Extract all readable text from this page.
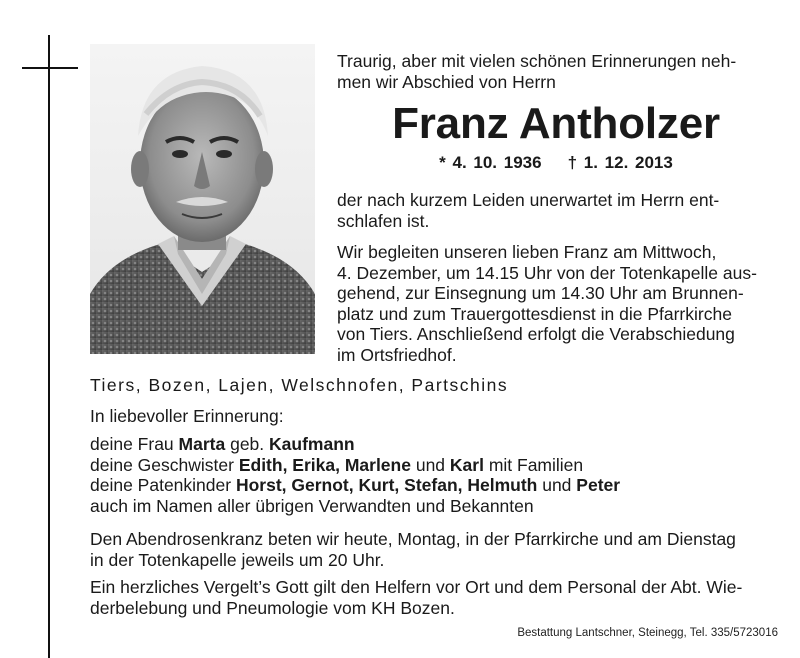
Traurig, aber mit vielen schönen Erinnerungen neh-
men wir Abschied von Herrn
Franz Antholzer
* 4. 10. 1936 † 1. 12. 2013
der nach kurzem Leiden unerwartet im Herrn ent-
schlafen ist.
Wir begleiten unseren lieben Franz am Mittwoch,
4. Dezember, um 14.15 Uhr von der Totenkapelle aus-
gehend, zur Einsegnung um 14.30 Uhr am Brunnen-
platz und zum Trauergottesdienst in die Pfarrkirche
von Tiers. Anschließend erfolgt die Verabschiedung
im Ortsfriedhof.
Tiers, Bozen, Lajen, Welschnofen, Partschins
In liebevoller Erinnerung:
deine Frau Marta geb. Kaufmann
deine Geschwister Edith, Erika, Marlene und Karl mit Familien
deine Patenkinder Horst, Gernot, Kurt, Stefan, Helmuth und Peter
auch im Namen aller übrigen Verwandten und Bekannten
Den Abendrosenkranz beten wir heute, Montag, in der Pfarrkirche und am Dienstag
in der Totenkapelle jeweils um 20 Uhr.
Ein herzliches Vergelt’s Gott gilt den Helfern vor Ort und dem Personal der Abt. Wie-
derbelebung und Pneumologie vom KH Bozen.
Bestattung Lantschner, Steinegg, Tel. 335/5723016
